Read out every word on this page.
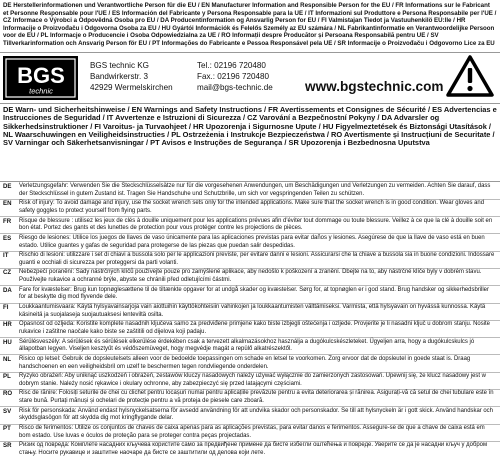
DE Herstellerinformationen und Verantwortliche Person für die EU / EN Manufacturer Information and Responsible Person for the EU / FR Informations sur le Fabricant et Personne Responsable pour l'UE / ES Información del Fabricante y Persona Responsable para la UE / IT Informazioni sul Produttore e Persona Responsabile per l'UE / CZ Informace o Výrobci a Odpovědná Osoba pro EU / DA Producentinformation og Ansvarlig Person for EU / FI Valmistajan Tiedot ja Vastuuhenkilö EU:lle / HR Informacije o Proizvođaču i Odgovorna Osoba za EU / HU Gyártói Információk és Felelős Személy az EU számára / NL Fabrikantinformatie en Verantwoordelijke Persoon voor de EU / PL Informacje o Producencie i Osoba Odpowiedzialna za UE / RO Informații despre Producător și Persoana Responsabilă pentru UE / SV Tillverkarinformation och Ansvarig Person för EU / PT Informações do Fabricante e Pessoa Responsável pela UE / SR Informacije o Proizvođaču i Odgovorno Lice za EU
BGS
technic
BGS technic KG
Bandwirkerstr. 3
42929 Wermelskirchen
Tel.: 02196 720480
Fax.: 02196 720480
mail@bgs-technic.de www.bgstechnic.com
DE Warn- und Sicherheitshinweise / EN Warnings and Safety Instructions / FR Avertissements et Consignes de Sécurité / ES Advertencias e Instrucciones de Seguridad / IT Avvertenze e Istruzioni di Sicurezza / CZ Varování a Bezpečnostní Pokyny / DA Advarsler og Sikkerhedsinstruktioner / FI Varoitus- ja Turvaohjeet / HR Upozorenja i Sigurnosne Upute / HU Figyelmeztetések és Biztonsági Utasítások / NL Waarschuwingen en Veiligheidsinstructies / PL Ostrzeżenia i Instrukcje Bezpieczeństwa / RO Avertismente și Instrucțiuni de Securitate / SV Varningar och Säkerhetsanvisningar / PT Avisos e Instruções de Segurança / SR Upozorenja i Bezbednosna Uputstva
DE	Verletzungsgefahr: Verwenden Sie die Steckschlüsselsätze nur für die vorgesehenen Anwendungen, um Beschädigungen und Verletzungen zu vermeiden. Achten Sie darauf, dass der Steckschlüssel in gutem Zustand ist. Tragen Sie Handschuhe und Schutzbrille, um sich vor vegspringenden Teilen zu schützen.
EN	Risk of injury: To avoid damage and injury, use the socket wrench sets only for the intended applications. Make sure that the socket wrench is in good condition. Wear gloves and safety goggles to protect yourself from flying parts.
FR	Risque de blessure : utilisez les jeux de clés à douille uniquement pour les applications prévues afin d'éviter tout dommage ou toute blessure. Veillez à ce que la clé à douille soit en bon état. Portez des gants et des lunettes de protection pour vous protéger contre les projections de pièces.
ES	Riesgo de lesiones: Utilice los juegos de llaves de vaso únicamente para las aplicaciones previstas para evitar daños y lesiones. Asegúrese de que la llave de vaso está en buen estado. Utilice guantes y gafas de seguridad para protegerse de las piezas que puedan salir despedidas.
IT	Rischio di lesioni: utilizzare i set di chiavi a bussola solo per le applicazioni previste, per evitare danni e lesioni. Assicurarsi che la chiave a bussola sia in buone condizioni. Indossare guanti e occhiali di sicurezza per proteggersi da parti volanti.
CZ	Nebezpečí poranění: Sady nástrčných klíčů používejte pouze pro zamýšlené aplikace, aby nedošlo k poškození a zranění. Dbejte na to, aby nástrčné klíče byly v dobrém stavu. Používejte rukavice a ochranné brýle, abyste se chránili před odletujícími částmi.
DA	Fare for kvæstelser: Brug kun topnøglesættene til de tiltænkte opgaver for at undgå skader og kvæstelser. Sørg for, at topnøglen er i god stand. Brug handsker og sikkerhedsbriller for at beskytte dig mod flyvende dele.
FI	Loukkaantumisvaara: Käytä hylsyavainsarjoja vain aiottuihin käyttökohteisiin vahinkojen ja loukkaantumisten välttämiseksi. Varmista, että hylsyavain on hyvässä kunnossa. Käytä käsineitä ja suojalaseja suojautuaksesi lenteviltä osilta.
HR	Opasnost od ozljeda: Koristite komplete nasadnih ključeva samo za predviđene primjene kako biste izbjegli oštećenja i ozljede. Provjerite je li nasadni ključ u dobrom stanju. Nosite rukavice i zaštitne naočale kako biste se zaštitili od dijelova koji padaju.
HU	Sérülésveszély: A sérülések és sérülések elkerülése érdekében csak a tervezett alkalmazásokhoz használja a dugókulcskészleteket. Ügyeljen arra, hogy a dugókulcskulcs jó állapotban legyen. Viseljen kesztyűt és védőszemüveget, hogy megvédje magát a repülő alkatrészektől.
NL	Risico op letsel: Gebruik de dopsleutelsets alleen voor de bedoelde toepassingen om schade en letsel te voorkomen. Zorg ervoor dat de dopsleutel in goede staat is. Draag handschoenen en een veiligheidsbril om uzelf te beschermen tegen rondvliegende onderdelen.
PL	Ryzyko obrażeń: Aby uniknąć uszkodzeń i obrażeń, zestawów kluczy nasadowych należy używać wyłącznie do zamierzonych zastosowań. Upewnij się, że klucz nasadowy jest w dobrym stanie. Należy nosić rękawice i okulary ochronne, aby zabezpieczyć się przed latającymi częściami.
RO	Risc de rănire: Folosiți seturile de chei cu clichet pentru locașuri numai pentru aplicațiile prevăzute pentru a evita deteriorarea și rănirea. Asigurați-vă că setul de chei tubulare este în stare bună. Purtați mănuși și ochelari de protecție pentru a vă proteja de piesele care zboară.
SV	Risk för personskada: Använd endast hylsnyckelsatserna för avsedd användning för att undvika skador och personskador. Se till att hylsnyckeln är i gott skick. Använd handskar och skyddsglasögon för att skydda dig mot kringflygande delar.
PT	Risco de ferimentos: Utilize os conjuntos de chaves de caixa apenas para as aplicações previstas, para evitar danos e ferimentos. Assegure-se de que a chave de caixa está em bom estado. Use luvas e óculos de proteção para se proteger contra peças projectadas.
SR	Ризик од повреда: Комплете насадних кључева користите само за предвиђене примене да бисте избегли оштећења и повреде. Уверите се да је насадни кључ у добром стању. Носите рукавице и заштитне наочаре да бисте се заштитили од делова који лете.
